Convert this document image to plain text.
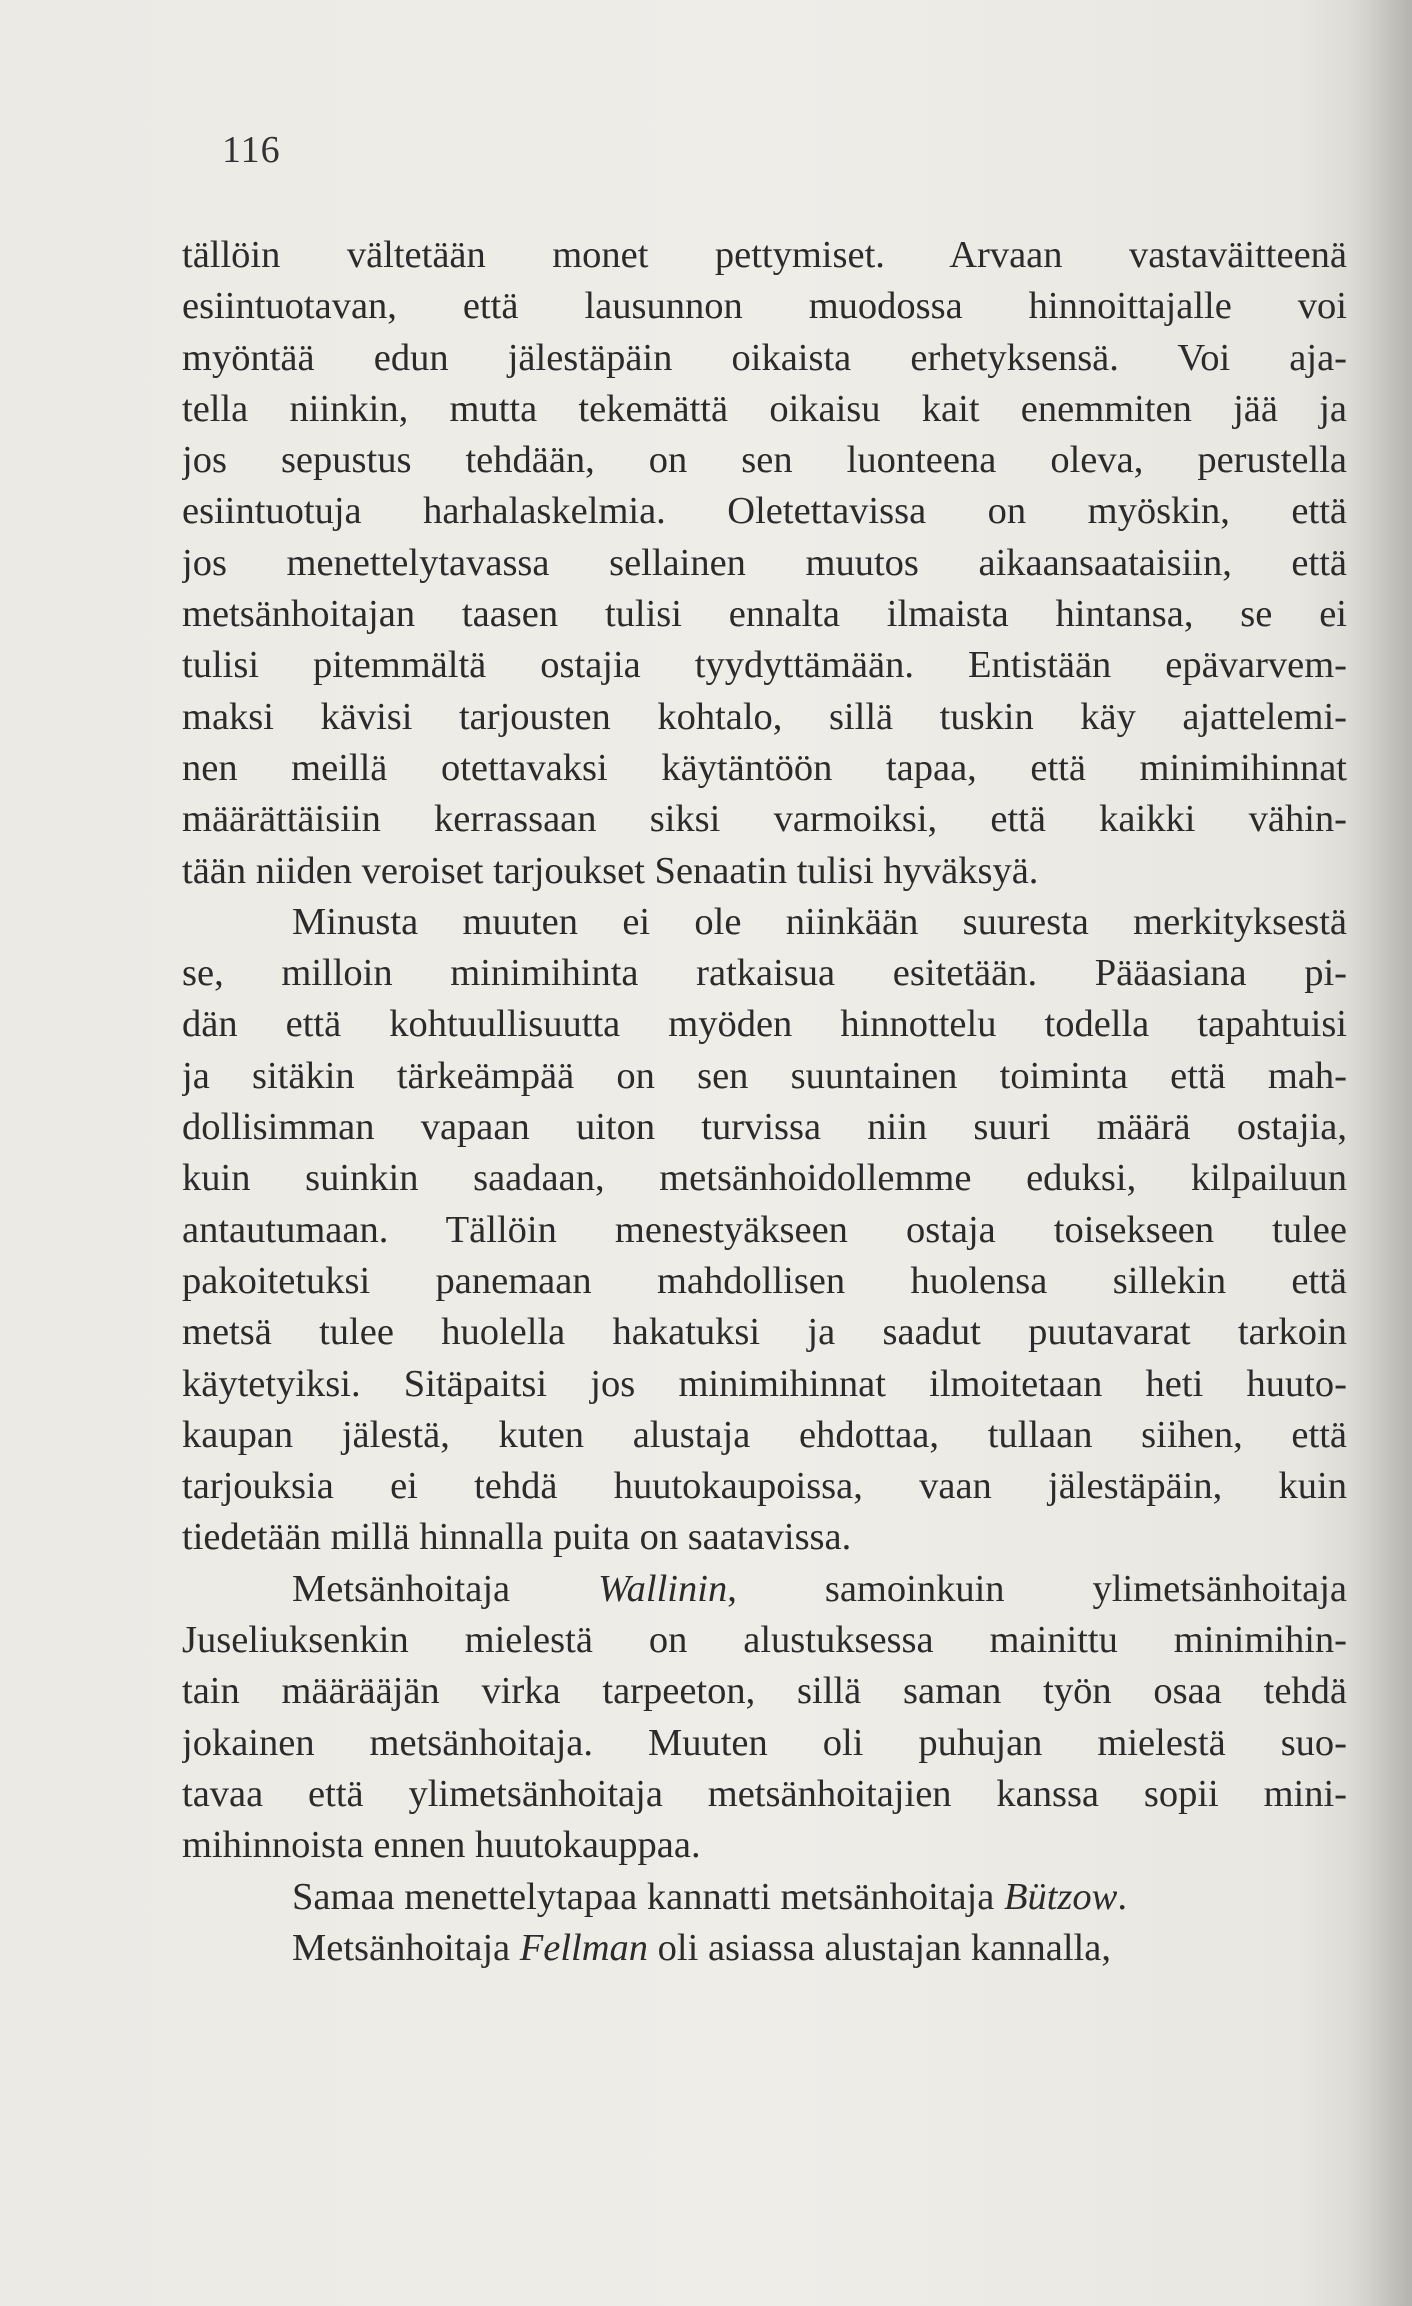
116
tällöin vältetään monet pettymiset. Arvaan vastaväitteenä
esiintuotavan, että lausunnon muodossa hinnoittajalle voi
myöntää edun jälestäpäin oikaista erhetyksensä. Voi aja-
tella niinkin, mutta tekemättä oikaisu kait enemmiten jää ja
jos sepustus tehdään, on sen luonteena oleva, perustella
esiintuotuja harhalaskelmia. Oletettavissa on myöskin, että
jos menettelytavassa sellainen muutos aikaansaataisiin, että
metsänhoitajan taasen tulisi ennalta ilmaista hintansa, se ei
tulisi pitemmältä ostajia tyydyttämään. Entistään epävarvem-
maksi kävisi tarjousten kohtalo, sillä tuskin käy ajattelemi-
nen meillä otettavaksi käytäntöön tapaa, että minimihinnat
määrättäisiin kerrassaan siksi varmoiksi, että kaikki vähin-
tään niiden veroiset tarjoukset Senaatin tulisi hyväksyä.
Minusta muuten ei ole niinkään suuresta merkityksestä
se, milloin minimihinta ratkaisua esitetään. Pääasiana pi-
dän että kohtuullisuutta myöden hinnottelu todella tapahtuisi
ja sitäkin tärkeämpää on sen suuntainen toiminta että mah-
dollisimman vapaan uiton turvissa niin suuri määrä ostajia,
kuin suinkin saadaan, metsänhoidollemme eduksi, kilpailuun
antautumaan. Tällöin menestyäkseen ostaja toisekseen tulee
pakoitetuksi panemaan mahdollisen huolensa sillekin että
metsä tulee huolella hakatuksi ja saadut puutavarat tarkoin
käytetyiksi. Sitäpaitsi jos minimihinnat ilmoitetaan heti huuto-
kaupan jälestä, kuten alustaja ehdottaa, tullaan siihen, että
tarjouksia ei tehdä huutokaupoissa, vaan jälestäpäin, kuin
tiedetään millä hinnalla puita on saatavissa.
Metsänhoitaja Wallinin, samoinkuin ylimetsänhoitaja
Juseliuksenkin mielestä on alustuksessa mainittu minimihin-
tain määrääjän virka tarpeeton, sillä saman työn osaa tehdä
jokainen metsänhoitaja. Muuten oli puhujan mielestä suo-
tavaa että ylimetsänhoitaja metsänhoitajien kanssa sopii mini-
mihinnoista ennen huutokauppaa.
Samaa menettelytapaa kannatti metsänhoitaja Bützow.
Metsänhoitaja Fellman oli asiassa alustajan kannalla,
